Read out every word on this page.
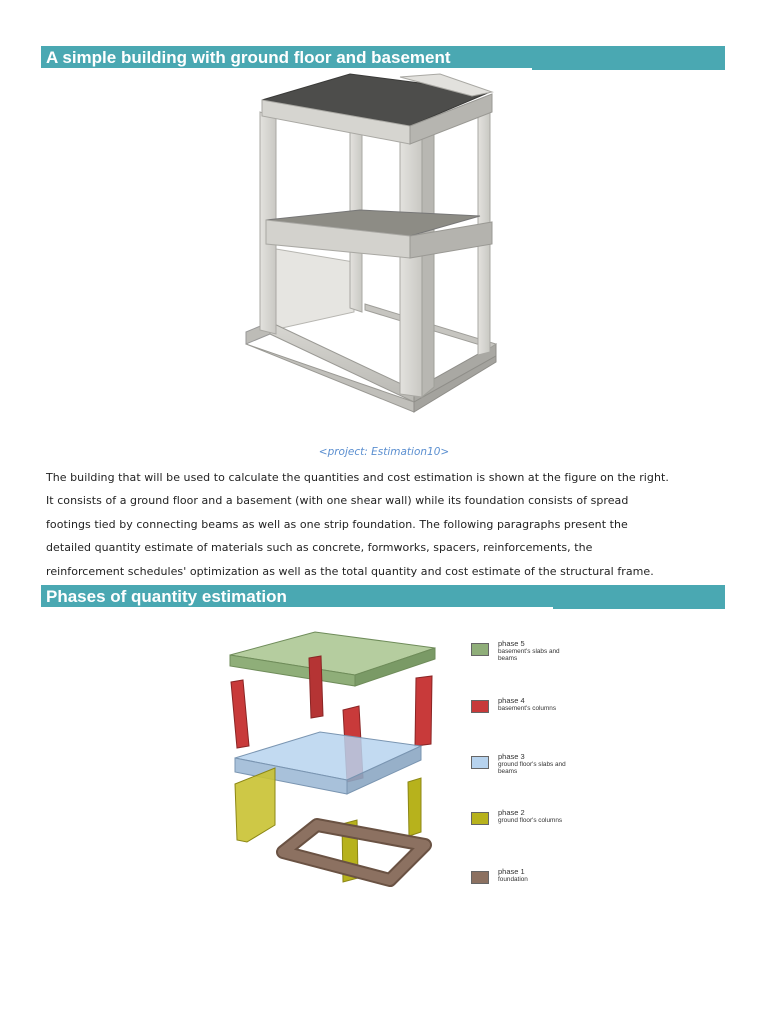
A simple building with ground floor and basement
<project: Estimation10>
The building that will be used to calculate the quantities and cost estimation is shown at the figure on the right.
It consists of a ground floor and a basement (with one shear wall) while its foundation consists of spread
footings tied by connecting beams as well as one strip foundation. The following paragraphs present the
detailed quantity estimate of materials such as concrete, formworks, spacers, reinforcements, the
reinforcement schedules' optimization as well as the total quantity and cost estimate of the structural frame.
Phases of quantity estimation
phase 5
basement's slabs and beams
phase 4
basement's columns
phase 3
ground floor's slabs and beams
phase 2
ground floor's columns
phase 1
foundation
